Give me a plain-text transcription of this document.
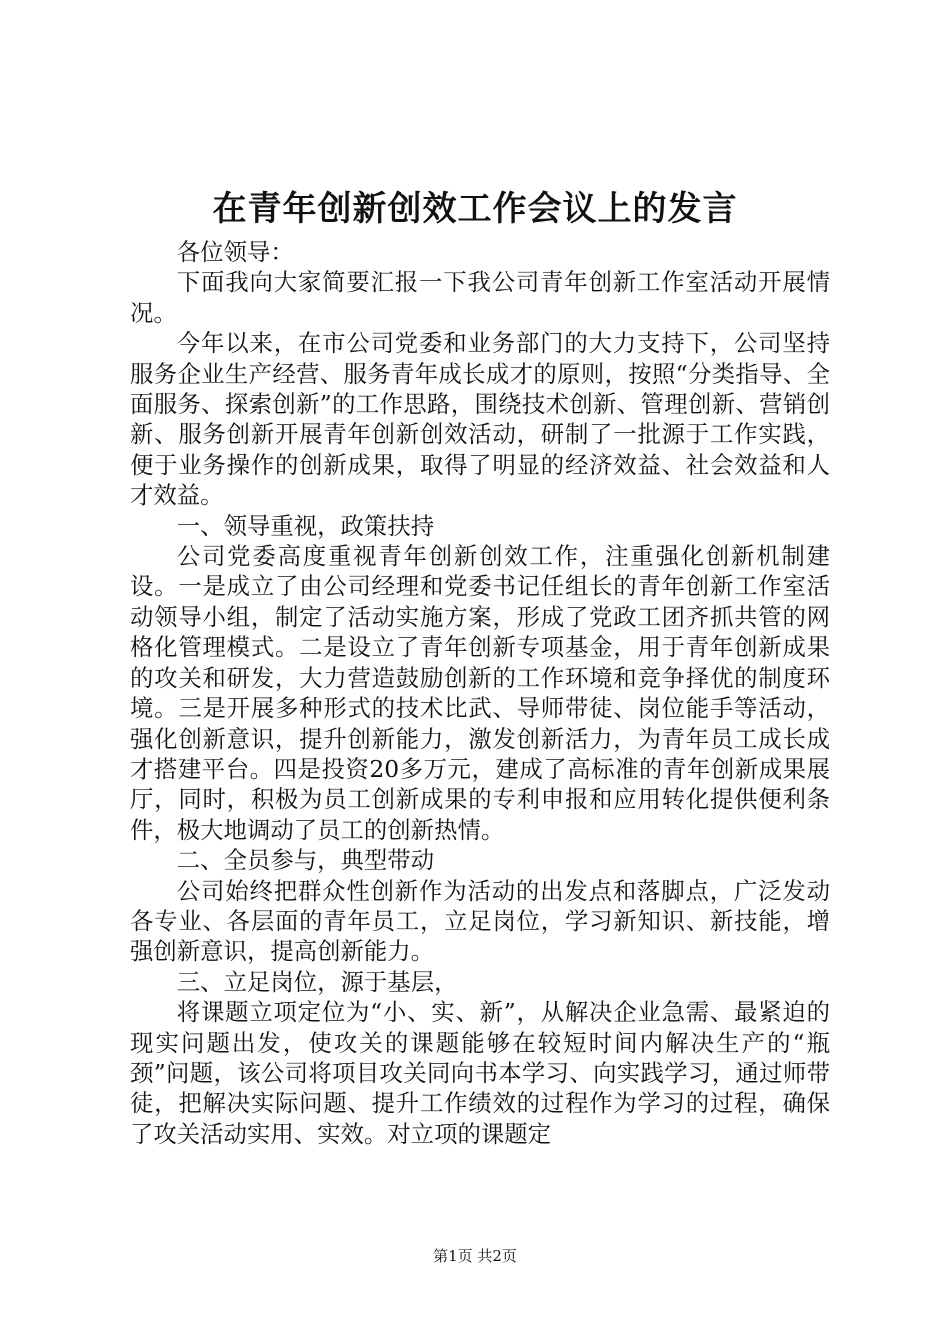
在青年创新创效工作会议上的发言

各位领导：

下面我向大家简要汇报一下我公司青年创新工作室活动开展情况。

今年以来，在市公司党委和业务部门的大力支持下，公司坚持服务企业生产经营、服务青年成长成才的原则，按照“分类指导、全面服务、探索创新”的工作思路，围绕技术创新、管理创新、营销创新、服务创新开展青年创新创效活动，研制了一批源于工作实践，便于业务操作的创新成果，取得了明显的经济效益、社会效益和人才效益。

一、领导重视，政策扶持

公司党委高度重视青年创新创效工作，注重强化创新机制建设。一是成立了由公司经理和党委书记任组长的青年创新工作室活动领导小组，制定了活动实施方案，形成了党政工团齐抓共管的网格化管理模式。二是设立了青年创新专项基金，用于青年创新成果的攻关和研发，大力营造鼓励创新的工作环境和竞争择优的制度环境。三是开展多种形式的技术比武、导师带徒、岗位能手等活动，强化创新意识，提升创新能力，激发创新活力，为青年员工成长成才搭建平台。四是投资20多万元，建成了高标准的青年创新成果展厅，同时，积极为员工创新成果的专利申报和应用转化提供便利条件，极大地调动了员工的创新热情。

二、全员参与，典型带动

公司始终把群众性创新作为活动的出发点和落脚点，广泛发动各专业、各层面的青年员工，立足岗位，学习新知识、新技能，增强创新意识，提高创新能力。

三、立足岗位，源于基层，

将课题立项定位为“小、实、新”，从解决企业急需、最紧迫的现实问题出发，使攻关的课题能够在较短时间内解决生产的“瓶颈”问题，该公司将项目攻关同向书本学习、向实践学习，通过师带徒，把解决实际问题、提升工作绩效的过程作为学习的过程，确保了攻关活动实用、实效。对立项的课题定

第1页 共2页
